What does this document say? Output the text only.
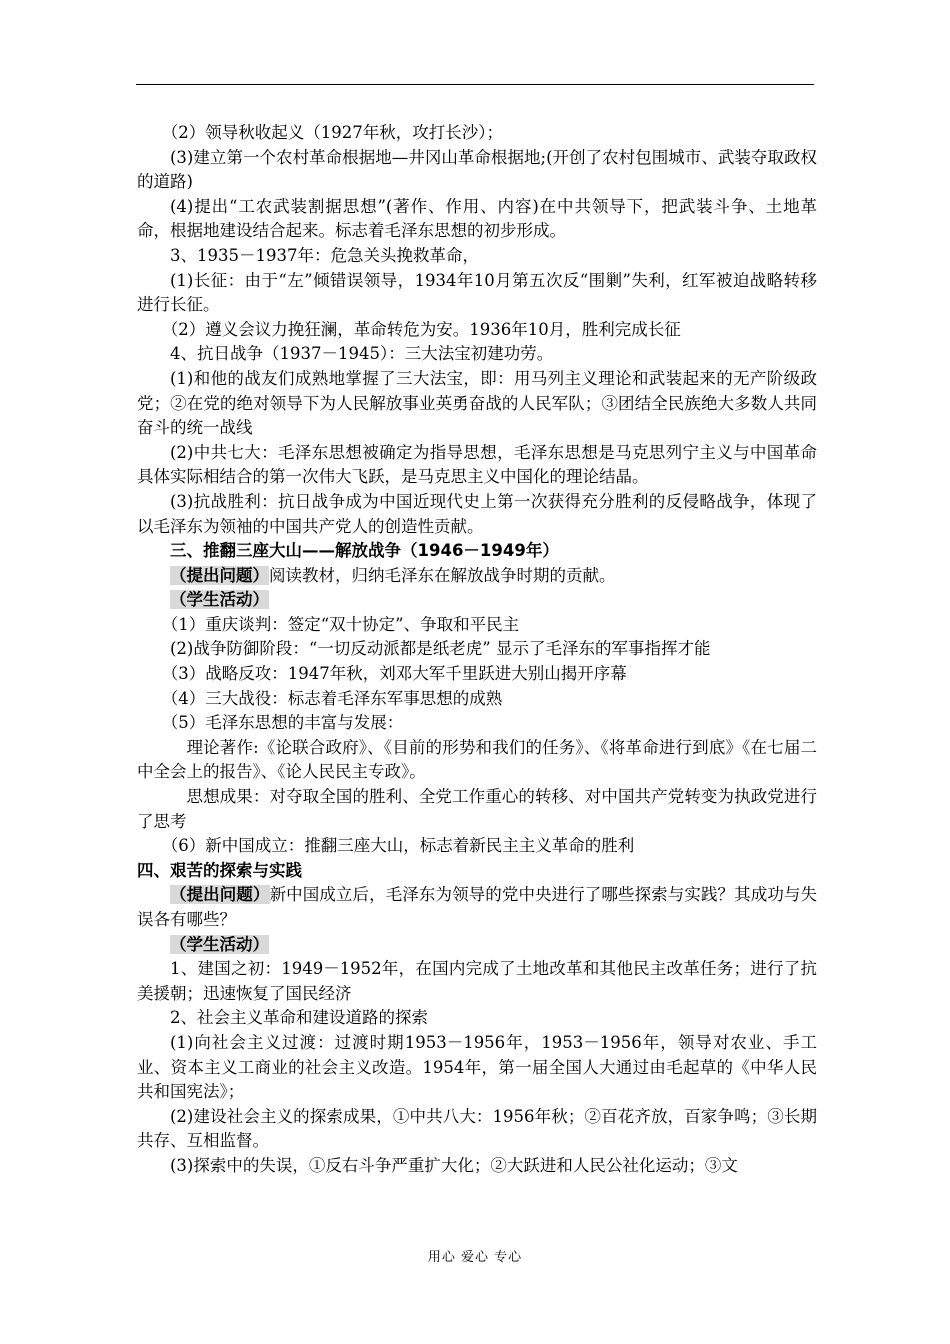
（2）领导秋收起义（1927年秋，攻打长沙）；

(3)建立第一个农村革命根据地—井冈山革命根据地;(开创了农村包围城市、武装夺取政权的道路)

(4)提出“工农武装割据思想”(著作、作用、内容)在中共领导下，把武装斗争、土地革命，根据地建设结合起来。标志着毛泽东思想的初步形成。

3、1935－1937年：危急关头挽救革命，

(1)长征：由于“左”倾错误领导，1934年10月第五次反“围剿”失利，红军被迫战略转移进行长征。

（2）遵义会议力挽狂澜，革命转危为安。1936年10月，胜利完成长征

4、抗日战争（1937－1945）：三大法宝初建功劳。

(1)和他的战友们成熟地掌握了三大法宝，即：用马列主义理论和武装起来的无产阶级政党；②在党的绝对领导下为人民解放事业英勇奋战的人民军队；③团结全民族绝大多数人共同奋斗的统一战线

(2)中共七大：毛泽东思想被确定为指导思想，毛泽东思想是马克思列宁主义与中国革命具体实际相结合的第一次伟大飞跃，是马克思主义中国化的理论结晶。

(3)抗战胜利：抗日战争成为中国近现代史上第一次获得充分胜利的反侵略战争，体现了以毛泽东为领袖的中国共产党人的创造性贡献。

三、推翻三座大山——解放战争（1946－1949年）

（提出问题）阅读教材，归纳毛泽东在解放战争时期的贡献。

（学生活动）

（1）重庆谈判：签定“双十协定”、争取和平民主

(2)战争防御阶段：“一切反动派都是纸老虎” 显示了毛泽东的军事指挥才能

（3）战略反攻：1947年秋，刘邓大军千里跃进大别山揭开序幕

（4）三大战役：标志着毛泽东军事思想的成熟

（5）毛泽东思想的丰富与发展：

理论著作:《论联合政府》、《目前的形势和我们的任务》、《将革命进行到底》《在七届二中全会上的报告》、《论人民民主专政》。

思想成果：对夺取全国的胜利、全党工作重心的转移、对中国共产党转变为执政党进行了思考

（6）新中国成立：推翻三座大山，标志着新民主主义革命的胜利

四、艰苦的探索与实践

（提出问题）新中国成立后，毛泽东为领导的党中央进行了哪些探索与实践？其成功与失误各有哪些？

（学生活动）

1、建国之初：1949－1952年，在国内完成了土地改革和其他民主改革任务；进行了抗美援朝；迅速恢复了国民经济

2、社会主义革命和建设道路的探索

(1)向社会主义过渡：过渡时期1953－1956年，1953－1956年，领导对农业、手工业、资本主义工商业的社会主义改造。1954年，第一届全国人大通过由毛起草的《中华人民共和国宪法》；

(2)建设社会主义的探索成果，①中共八大：1956年秋；②百花齐放，百家争鸣；③长期共存、互相监督。

(3)探索中的失误，①反右斗争严重扩大化；②大跃进和人民公社化运动；③文

用心 爱心 专心
